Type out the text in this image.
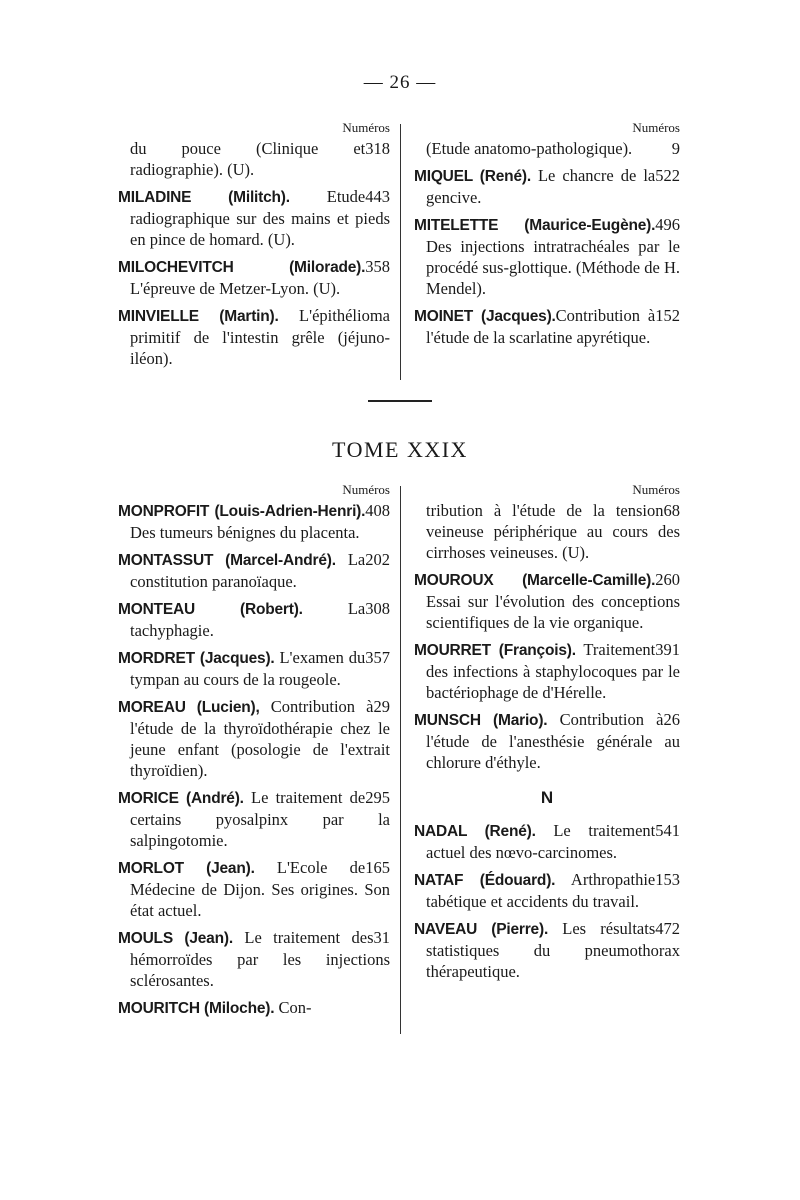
— 26 —
Numéros
318
du pouce (Clinique et radiographie). (U).
443
MILADINE (Militch). Etude radiographique sur des mains et pieds en pince de homard. (U).
358
MILOCHEVITCH (Milorade). L'épreuve de Metzer-Lyon. (U).
MINVIELLE (Martin). L'épithélioma primitif de l'intestin grêle (jéjuno-iléon).
Numéros
9
(Etude anatomo-pathologique).
522
MIQUEL (René). Le chancre de la gencive.
496
MITELETTE (Maurice-Eugène). Des injections intratrachéales par le procédé sus-glottique. (Méthode de H. Mendel).
152
MOINET (Jacques).Contribution à l'étude de la scarlatine apyrétique.
TOME XXIX
Numéros
408
MONPROFIT (Louis-Adrien-Henri). Des tumeurs bénignes du placenta.
202
MONTASSUT (Marcel-André). La constitution paranoïaque.
308
MONTEAU (Robert). La tachyphagie.
357
MORDRET (Jacques). L'examen du tympan au cours de la rougeole.
29
MOREAU (Lucien), Contribution à l'étude de la thyroïdothérapie chez le jeune enfant (posologie de l'extrait thyroïdien).
295
MORICE (André). Le traitement de certains pyosalpinx par la salpingotomie.
165
MORLOT (Jean). L'Ecole de Médecine de Dijon. Ses origines. Son état actuel.
31
MOULS (Jean). Le traitement des hémorroïdes par les injections sclérosantes.
MOURITCH (Miloche). Con-
Numéros
68
tribution à l'étude de la tension veineuse périphérique au cours des cirrhoses veineuses. (U).
260
MOUROUX (Marcelle-Camille). Essai sur l'évolution des conceptions scientifiques de la vie organique.
391
MOURRET (François). Traitement des infections à staphylocoques par le bactériophage de d'Hérelle.
26
MUNSCH (Mario). Contribution à l'étude de l'anesthésie générale au chlorure d'éthyle.
N
541
NADAL (René). Le traitement actuel des nœvo-carcinomes.
153
NATAF (Édouard). Arthropathie tabétique et accidents du travail.
472
NAVEAU (Pierre). Les résultats statistiques du pneumothorax thérapeutique.
